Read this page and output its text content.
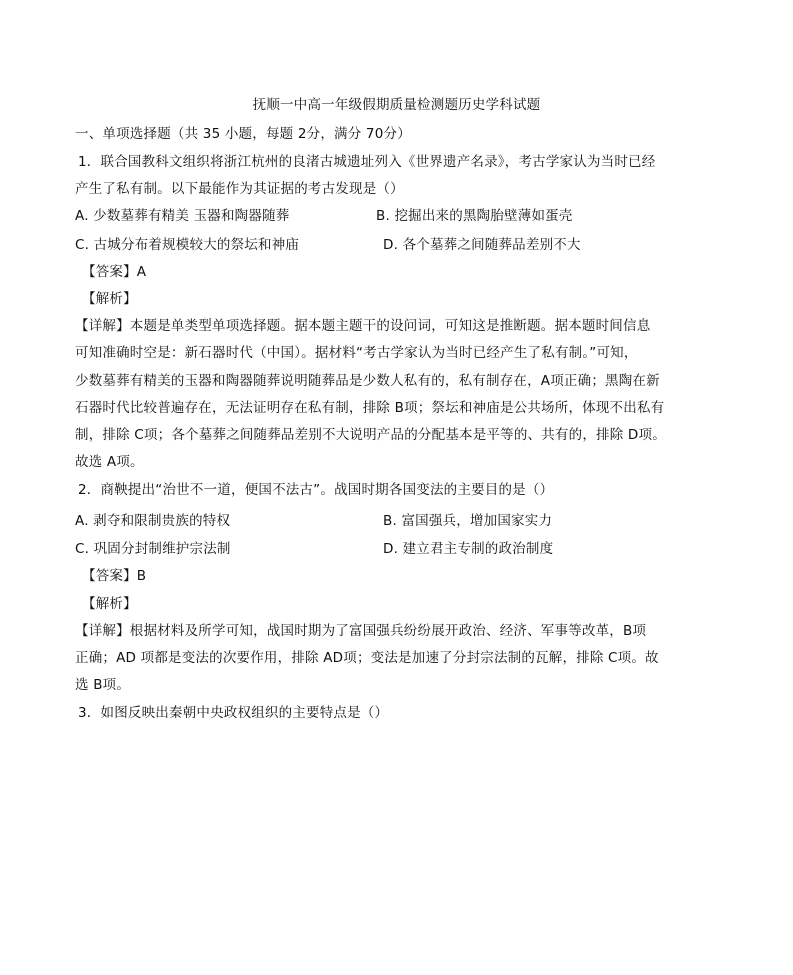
抚顺一中高一年级假期质量检测题历史学科试题
一、单项选择题（共 35 小题，每题 2分，满分 70分）
1．联合国教科文组织将浙江杭州的良渚古城遗址列入《世界遗产名录》，考古学家认为当时已经
产生了私有制。以下最能作为其证据的考古发现是（）
A. 少数墓葬有精美 玉器和陶器随葬	B. 挖掘出来的黑陶胎壁薄如蛋壳
C. 古城分布着规模较大的祭坛和神庙	D. 各个墓葬之间随葬品差别不大
【答案】A
【解析】
【详解】本题是单类型单项选择题。据本题主题干的设问词，可知这是推断题。据本题时间信息
可知准确时空是：新石器时代（中国）。据材料“考古学家认为当时已经产生了私有制。”可知，
少数墓葬有精美的玉器和陶器随葬说明随葬品是少数人私有的，私有制存在，A项正确；黑陶在新
石器时代比较普遍存在，无法证明存在私有制，排除 B项；祭坛和神庙是公共场所，体现不出私有
制，排除 C项；各个墓葬之间随葬品差别不大说明产品的分配基本是平等的、共有的，排除 D项。
故选 A项。
2．商鞅提出“治世不一道，便国不法古”。战国时期各国变法的主要目的是（）
A. 剥夺和限制贵族的特权	B. 富国强兵，增加国家实力
C. 巩固分封制维护宗法制	D. 建立君主专制的政治制度
【答案】B
【解析】
【详解】根据材料及所学可知，战国时期为了富国强兵纷纷展开政治、经济、军事等改革，B项
正确；AD 项都是变法的次要作用，排除 AD项；变法是加速了分封宗法制的瓦解，排除 C项。故
选 B项。
3．如图反映出秦朝中央政权组织的主要特点是（）
